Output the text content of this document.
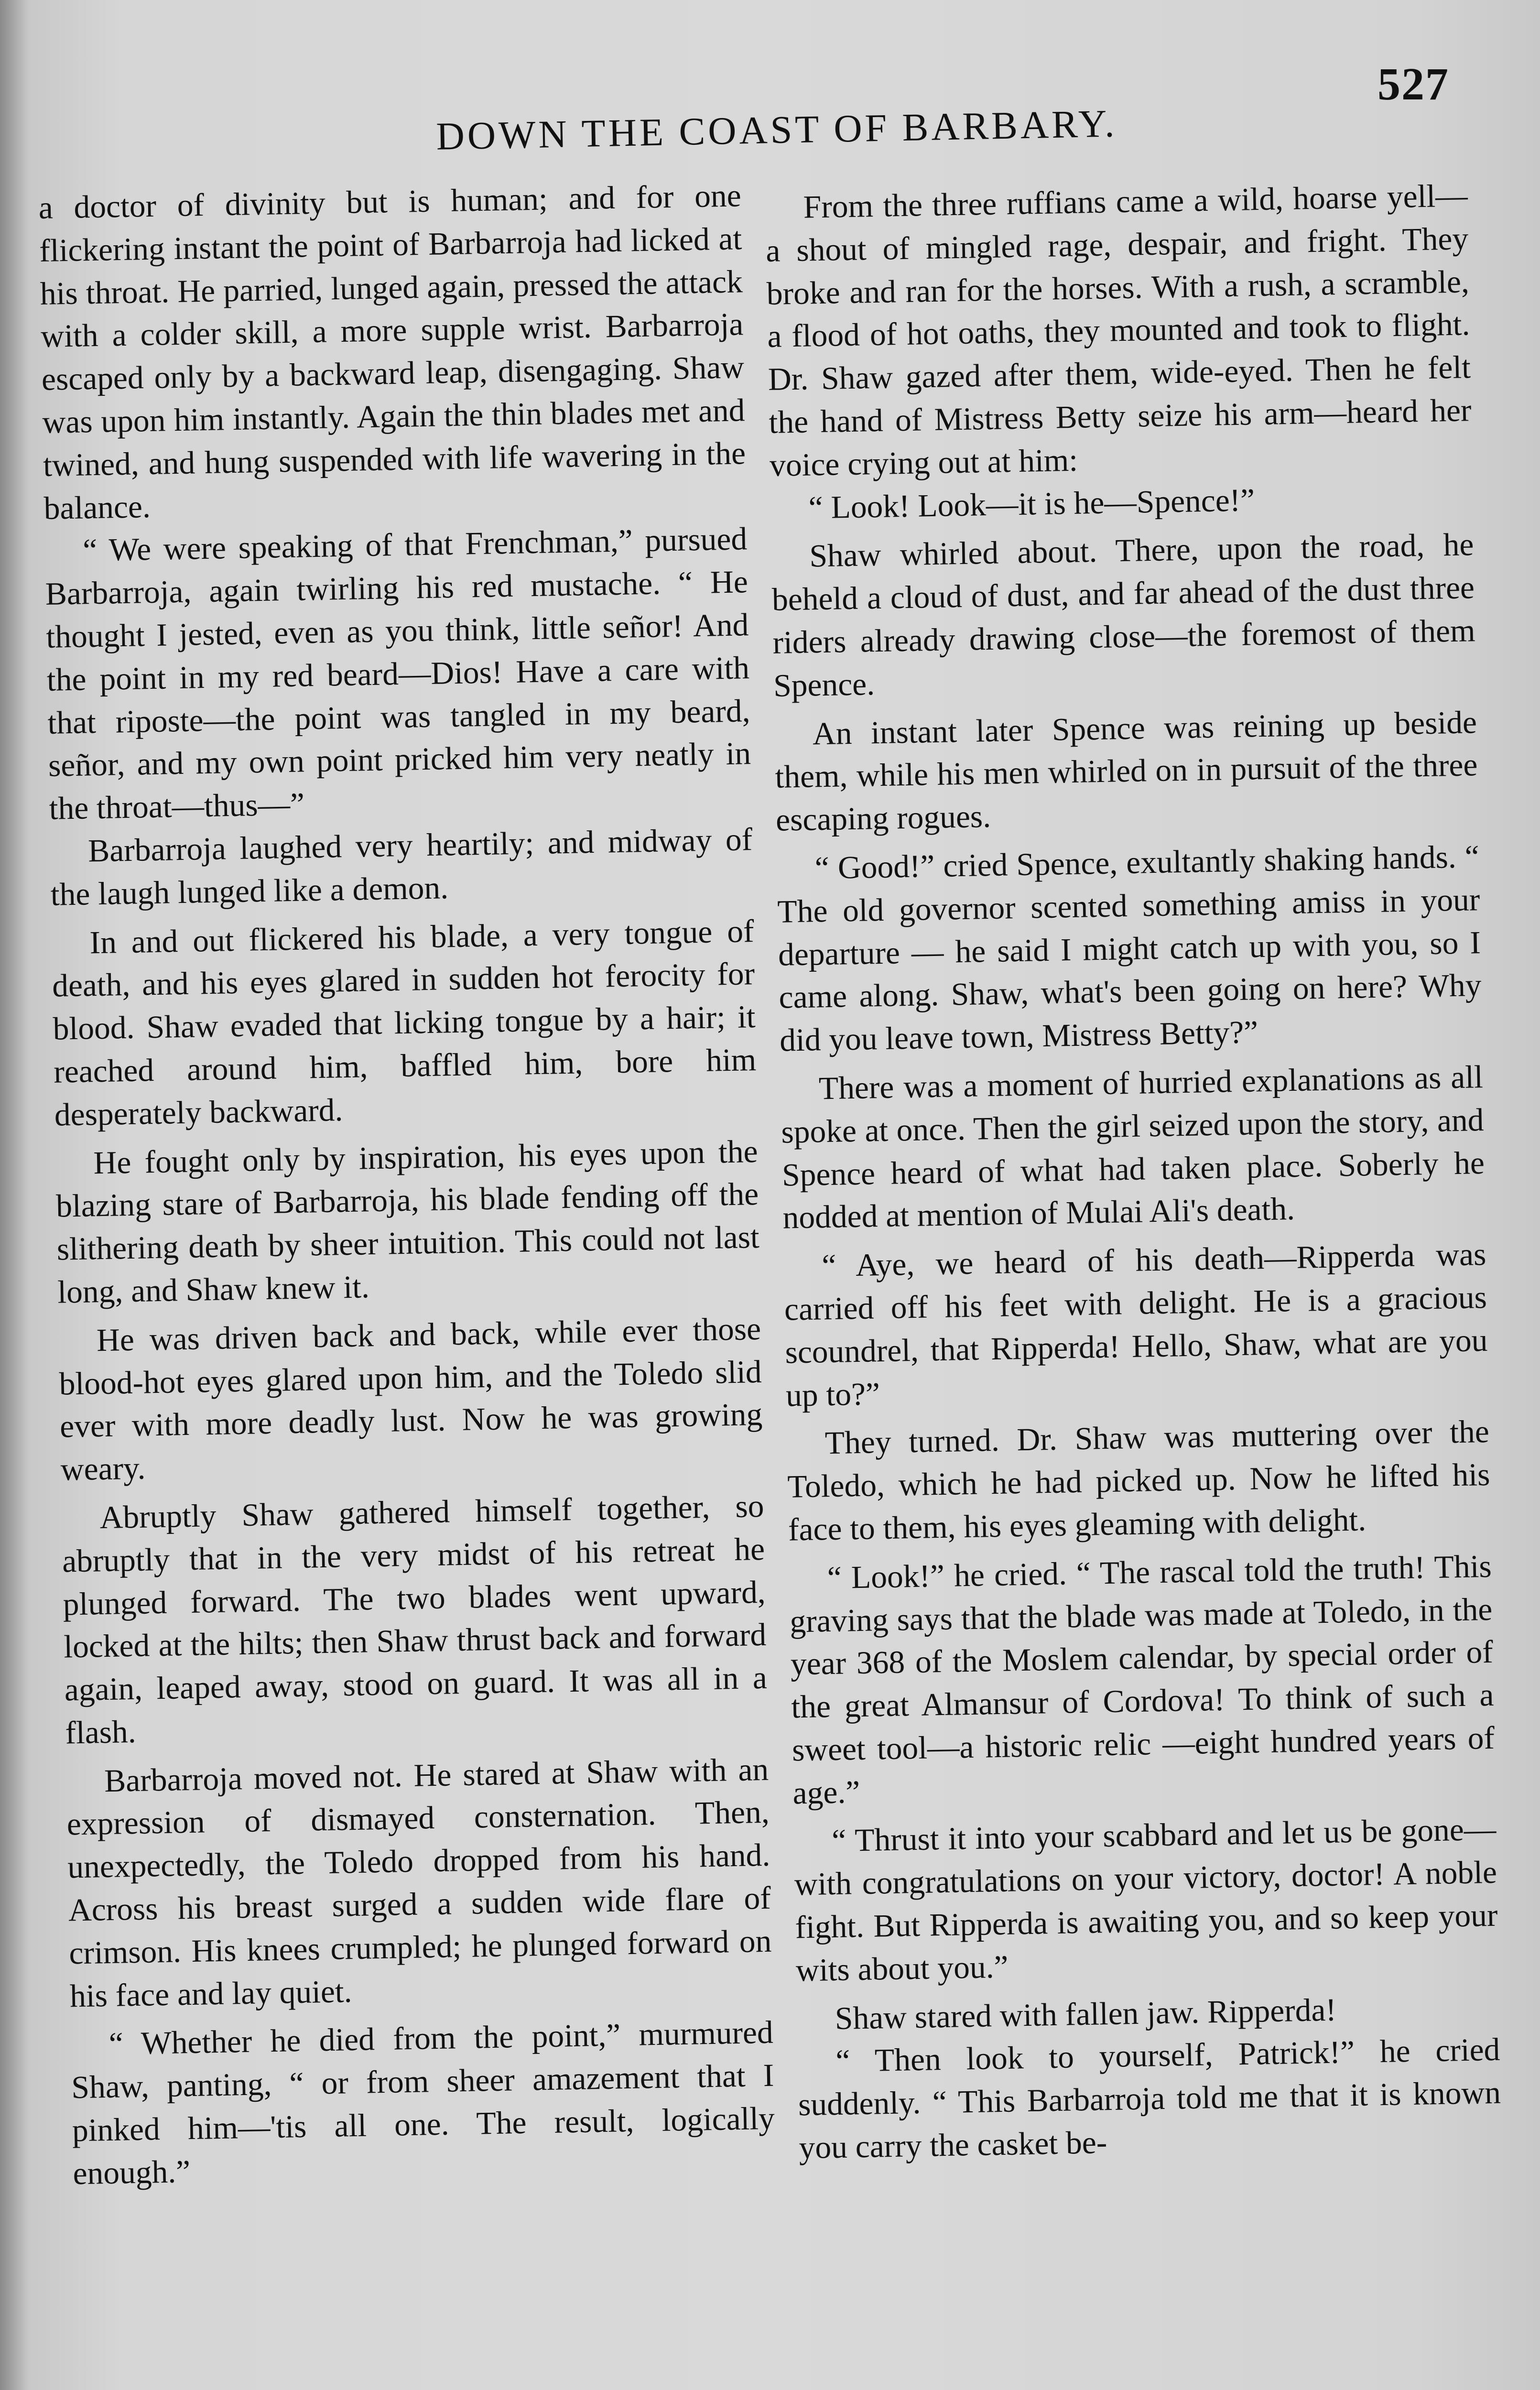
527
DOWN THE COAST OF BARBARY.

a doctor of divinity but is human; and for one flickering instant the point of Barbarroja had licked at his throat. He parried, lunged again, pressed the attack with a colder skill, a more supple wrist. Barbarroja escaped only by a backward leap, disengaging. Shaw was upon him instantly. Again the thin blades met and twined, and hung suspended with life wavering in the balance.

“ We were speaking of that Frenchman,” pursued Barbarroja, again twirling his red mustache. “ He thought I jested, even as you think, little señor! And the point in my red beard—Dios! Have a care with that riposte—the point was tangled in my beard, señor, and my own point pricked him very neatly in the throat—thus—”

Barbarroja laughed very heartily; and midway of the laugh lunged like a demon.

In and out flickered his blade, a very tongue of death, and his eyes glared in sudden hot ferocity for blood. Shaw evaded that licking tongue by a hair; it reached around him, baffled him, bore him desperately backward.

He fought only by inspiration, his eyes upon the blazing stare of Barbarroja, his blade fending off the slithering death by sheer intuition. This could not last long, and Shaw knew it.

He was driven back and back, while ever those blood-hot eyes glared upon him, and the Toledo slid ever with more deadly lust. Now he was growing weary.

Abruptly Shaw gathered himself together, so abruptly that in the very midst of his retreat he plunged forward. The two blades went upward, locked at the hilts; then Shaw thrust back and forward again, leaped away, stood on guard. It was all in a flash.

Barbarroja moved not. He stared at Shaw with an expression of dismayed consternation. Then, unexpectedly, the Toledo dropped from his hand. Across his breast surged a sudden wide flare of crimson. His knees crumpled; he plunged forward on his face and lay quiet.

“ Whether he died from the point,” murmured Shaw, panting, “ or from sheer amazement that I pinked him—'tis all one. The result, logically enough.”

From the three ruffians came a wild, hoarse yell—a shout of mingled rage, despair, and fright. They broke and ran for the horses. With a rush, a scramble, a flood of hot oaths, they mounted and took to flight. Dr. Shaw gazed after them, wide-eyed. Then he felt the hand of Mistress Betty seize his arm—heard her voice crying out at him:

“ Look! Look—it is he—Spence!”

Shaw whirled about. There, upon the road, he beheld a cloud of dust, and far ahead of the dust three riders already drawing close—the foremost of them Spence.

An instant later Spence was reining up beside them, while his men whirled on in pursuit of the three escaping rogues.

“ Good!” cried Spence, exultantly shaking hands. “ The old governor scented something amiss in your departure — he said I might catch up with you, so I came along. Shaw, what's been going on here? Why did you leave town, Mistress Betty?”

There was a moment of hurried explanations as all spoke at once. Then the girl seized upon the story, and Spence heard of what had taken place. Soberly he nodded at mention of Mulai Ali's death.

“ Aye, we heard of his death—Ripperda was carried off his feet with delight. He is a gracious scoundrel, that Ripperda! Hello, Shaw, what are you up to?”

They turned. Dr. Shaw was muttering over the Toledo, which he had picked up. Now he lifted his face to them, his eyes gleaming with delight.

“ Look!” he cried. “ The rascal told the truth! This graving says that the blade was made at Toledo, in the year 368 of the Moslem calendar, by special order of the great Almansur of Cordova! To think of such a sweet tool—a historic relic —eight hundred years of age.”

“ Thrust it into your scabbard and let us be gone—with congratulations on your victory, doctor! A noble fight. But Ripperda is awaiting you, and so keep your wits about you.”

Shaw stared with fallen jaw. Ripperda!

“ Then look to yourself, Patrick!” he cried suddenly. “ This Barbarroja told me that it is known you carry the casket be-
